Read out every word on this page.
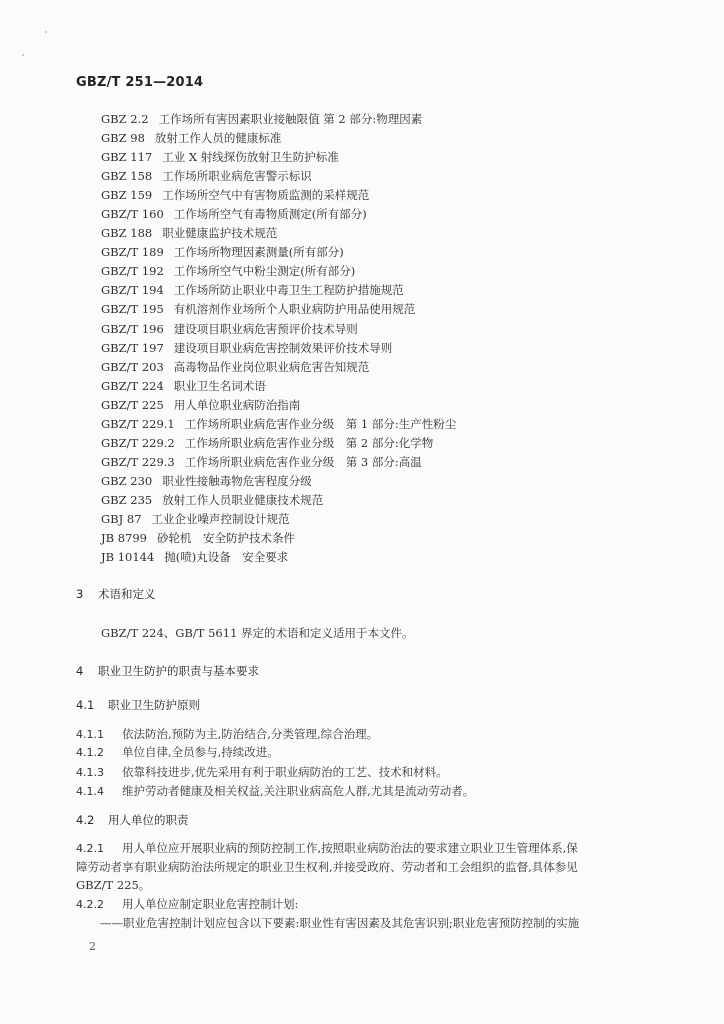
GBZ/T 251—2014
GBZ 2.2 工作场所有害因素职业接触限值 第 2 部分:物理因素
GBZ 98 放射工作人员的健康标准
GBZ 117 工业 X 射线探伤放射卫生防护标准
GBZ 158 工作场所职业病危害警示标识
GBZ 159 工作场所空气中有害物质监测的采样规范
GBZ/T 160 工作场所空气有毒物质测定(所有部分)
GBZ 188 职业健康监护技术规范
GBZ/T 189 工作场所物理因素测量(所有部分)
GBZ/T 192 工作场所空气中粉尘测定(所有部分)
GBZ/T 194 工作场所防止职业中毒卫生工程防护措施规范
GBZ/T 195 有机溶剂作业场所个人职业病防护用品使用规范
GBZ/T 196 建设项目职业病危害预评价技术导则
GBZ/T 197 建设项目职业病危害控制效果评价技术导则
GBZ/T 203 高毒物品作业岗位职业病危害告知规范
GBZ/T 224 职业卫生名词术语
GBZ/T 225 用人单位职业病防治指南
GBZ/T 229.1 工作场所职业病危害作业分级　第 1 部分:生产性粉尘
GBZ/T 229.2 工作场所职业病危害作业分级　第 2 部分:化学物
GBZ/T 229.3 工作场所职业病危害作业分级　第 3 部分:高温
GBZ 230 职业性接触毒物危害程度分级
GBZ 235 放射工作人员职业健康技术规范
GBJ 87 工业企业噪声控制设计规范
JB 8799 砂轮机　安全防护技术条件
JB 10144 抛(喷)丸设备　安全要求
3 术语和定义
GBZ/T 224、GB/T 5611 界定的术语和定义适用于本文件。
4 职业卫生防护的职责与基本要求
4.1 职业卫生防护原则
4.1.1 依法防治,预防为主,防治结合,分类管理,综合治理。
4.1.2 单位自律,全员参与,持续改进。
4.1.3 依靠科技进步,优先采用有利于职业病防治的工艺、技术和材料。
4.1.4 维护劳动者健康及相关权益,关注职业病高危人群,尤其是流动劳动者。
4.2 用人单位的职责
4.2.1 用人单位应开展职业病的预防控制工作,按照职业病防治法的要求建立职业卫生管理体系,保
障劳动者享有职业病防治法所规定的职业卫生权利,并接受政府、劳动者和工会组织的监督,具体参见
GBZ/T 225。
4.2.2 用人单位应制定职业危害控制计划:
——职业危害控制计划应包含以下要素:职业性有害因素及其危害识别;职业危害预防控制的实施
2
